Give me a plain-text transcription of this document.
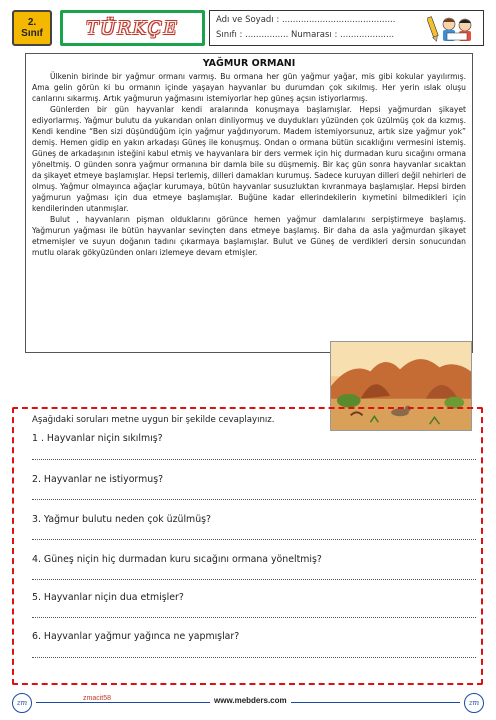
2.
Sınıf TÜRKÇE	Adı ve Soyadı : ..........................................
Sınıfı : ................ Numarası : ....................
YAĞMUR ORMANI

Ülkenin birinde bir yağmur ormanı varmış. Bu ormana her gün yağmur yağar, mis gibi kokular yayılırmış. Ama gelin görün ki bu ormanın içinde yaşayan hayvanlar bu durumdan çok sıkılmış. Her yerin ıslak oluşu canlarını sıkarmış. Artık yağmurun yağmasını istemiyorlar hep güneş açsın istiyorlarmış.

Günlerden bir gün hayvanlar kendi aralarında konuşmaya başlamışlar. Hepsi yağmurdan şikayet ediyorlarmış. Yağmur bulutu da yukarıdan onları dinliyormuş ve duydukları yüzünden çok üzülmüş çok da kızmış. Kendi kendine “Ben sizi düşündüğüm için yağmur yağdırıyorum. Madem istemiyorsunuz, artık size yağmur yok” demiş. Hemen gidip en yakın arkadaşı Güneş ile konuşmuş. Ondan o ormana bütün sıcaklığını vermesini istemiş. Güneş de arkadaşının isteğini kabul etmiş ve hayvanlara bir ders vermek için hiç durmadan kuru sıcağını ormana yöneltmiş. O günden sonra yağmur ormanına bir damla bile su düşmemiş. Bir kaç gün sonra hayvanlar sıcaktan da şikayet etmeye başlamışlar. Hepsi terlemiş, dilleri damakları kurumuş. Sadece kuruyan dilleri değil nehirleri de olmuş. Yağmur olmayınca ağaçlar kurumaya, bütün hayvanlar susuzluktan kıvranmaya başlamışlar. Hepsi birden yağmurun yağması için dua etmeye başlamışlar. Buğüne kadar ellerindekilerin kıymetini bilmedikleri için kendilerinden utanmışlar.

Bulut , hayvanların pişman olduklarını görünce hemen yağmur damlalarını serpiştirmeye başlamış. Yağmurun yağması ile bütün hayvanlar sevinçten dans etmeye başlamış. Bir daha da asla yağmurdan şikayet etmemişler ve suyun doğanın tadını çıkarmaya başlamışlar. Bulut ve Güneş de verdikleri dersin sonucundan mutlu olarak gökyüzünden onları izlemeye devam etmişler.

Aşağıdaki soruları metne uygun bir şekilde cevaplayınız.
1 . Hayvanlar niçin sıkılmış?
2. Hayvanlar ne istiyormuş?
3. Yağmur bulutu neden çok üzülmüş?
4. Güneş niçin hiç durmadan kuru sıcağını ormana yöneltmiş?
5. Hayvanlar niçin dua etmişler?
6. Hayvanlar yağmur yağınca ne yapmışlar?
zm
zmacit58	www.mebders.com	zm
